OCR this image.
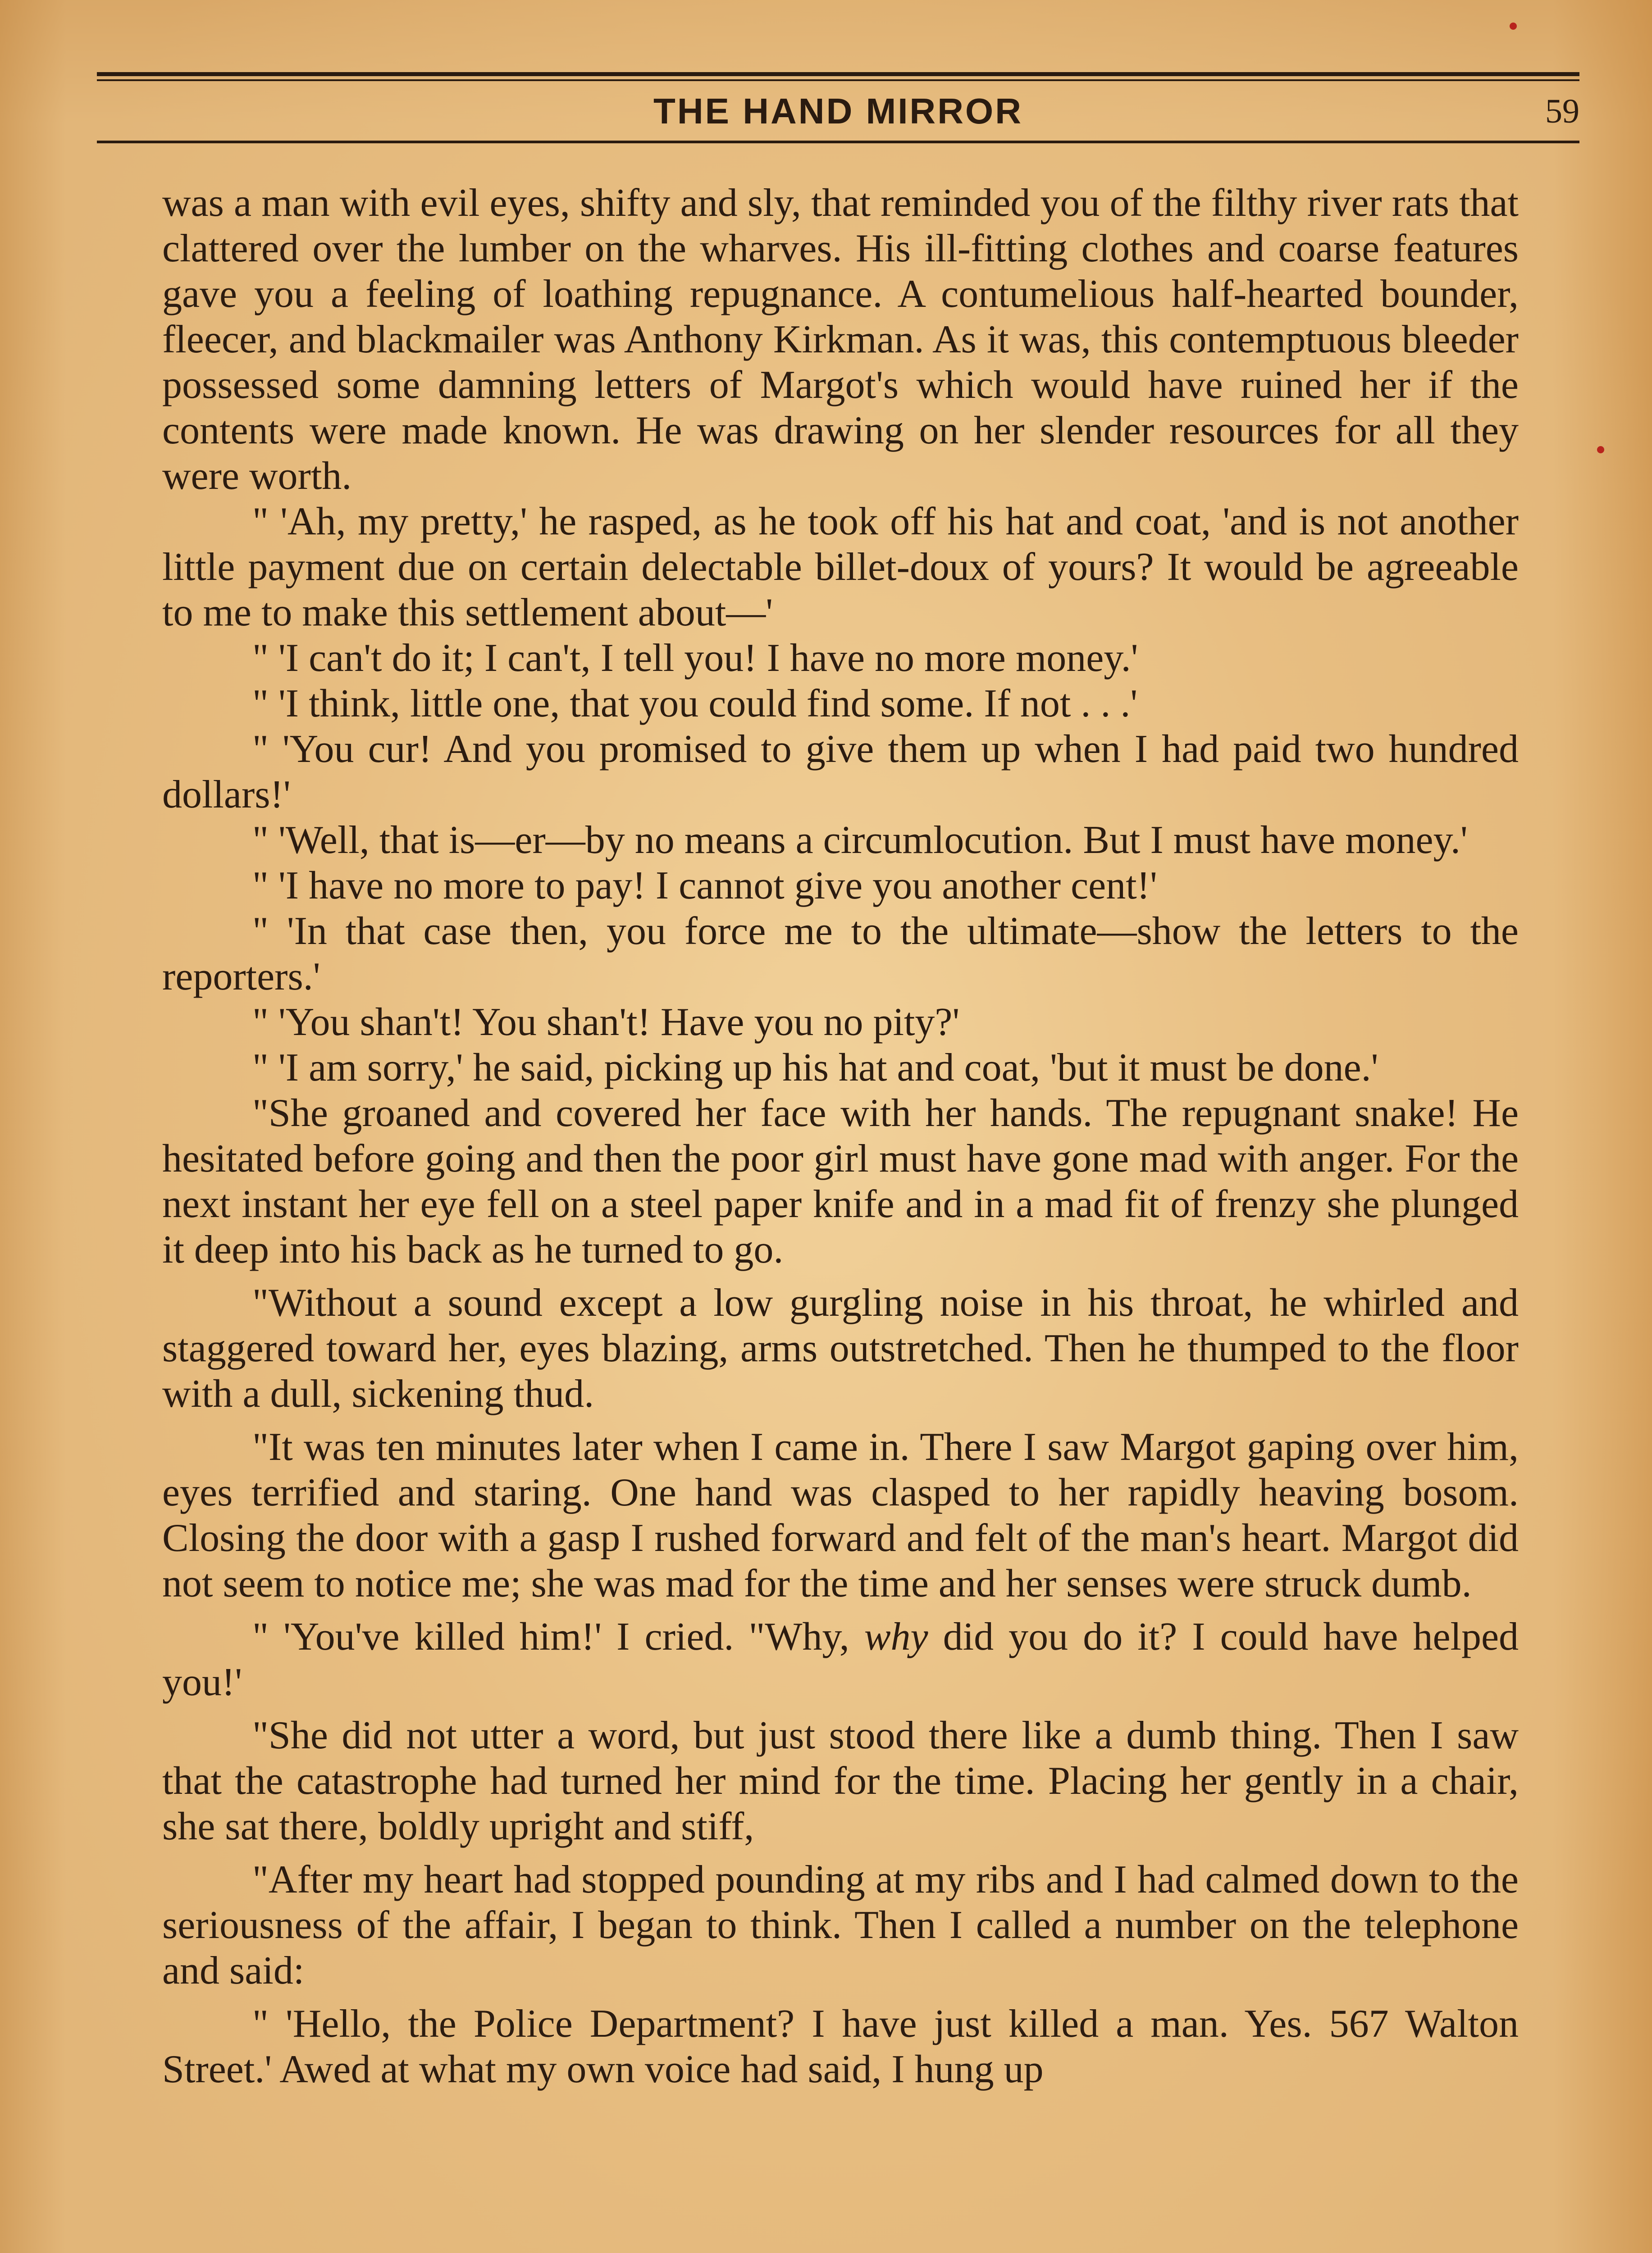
THE HAND MIRROR	59

was a man with evil eyes, shifty and sly, that reminded you of the filthy river rats that clattered over the lumber on the wharves. His ill-fitting clothes and coarse features gave you a feeling of loathing repugnance. A contumelious half-hearted bounder, fleecer, and blackmailer was Anthony Kirkman. As it was, this contemptuous bleeder possessed some damning letters of Margot's which would have ruined her if the contents were made known. He was drawing on her slender resources for all they were worth.

" 'Ah, my pretty,' he rasped, as he took off his hat and coat, 'and is not another little payment due on certain delectable billet-doux of yours? It would be agreeable to me to make this settlement about—'

" 'I can't do it; I can't, I tell you! I have no more money.'

" 'I think, little one, that you could find some. If not . . .'

" 'You cur! And you promised to give them up when I had paid two hundred dollars!'

" 'Well, that is—er—by no means a circumlocution. But I must have money.'

" 'I have no more to pay! I cannot give you another cent!'

" 'In that case then, you force me to the ultimate—show the letters to the reporters.'

" 'You shan't! You shan't! Have you no pity?'

" 'I am sorry,' he said, picking up his hat and coat, 'but it must be done.'

"She groaned and covered her face with her hands. The repugnant snake! He hesitated before going and then the poor girl must have gone mad with anger. For the next instant her eye fell on a steel paper knife and in a mad fit of frenzy she plunged it deep into his back as he turned to go.

"Without a sound except a low gurgling noise in his throat, he whirled and staggered toward her, eyes blazing, arms outstretched. Then he thumped to the floor with a dull, sickening thud.

"It was ten minutes later when I came in. There I saw Margot gaping over him, eyes terrified and staring. One hand was clasped to her rapidly heaving bosom. Closing the door with a gasp I rushed forward and felt of the man's heart. Margot did not seem to notice me; she was mad for the time and her senses were struck dumb.

" 'You've killed him!' I cried. "Why, why did you do it? I could have helped you!'

"She did not utter a word, but just stood there like a dumb thing. Then I saw that the catastrophe had turned her mind for the time. Placing her gently in a chair, she sat there, boldly upright and stiff,

"After my heart had stopped pounding at my ribs and I had calmed down to the seriousness of the affair, I began to think. Then I called a number on the telephone and said:

" 'Hello, the Police Department? I have just killed a man. Yes. 567 Walton Street.' Awed at what my own voice had said, I hung up
